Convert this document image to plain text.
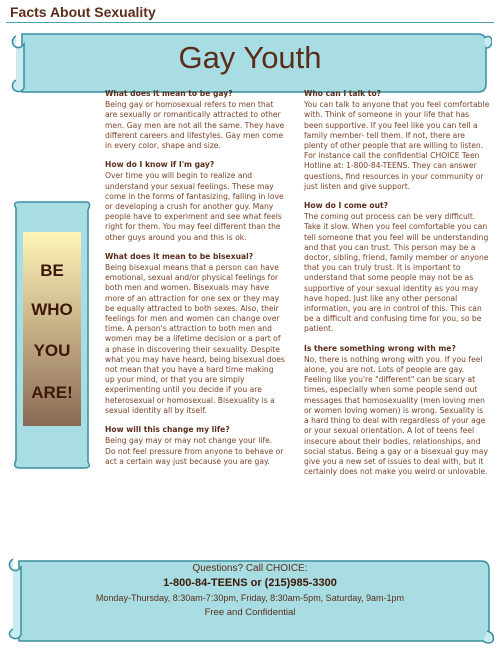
Facts About Sexuality
Gay Youth
BE
WHO
YOU
ARE!
What does it mean to be gay?
Being gay or homosexual refers to men that are sexually or romantically attracted to other men. Gay men are not all the same. They have different careers and lifestyles. Gay men come in every color, shape and size.
How do I know if I'm gay?
Over time you will begin to realize and understand your sexual feelings. These may come in the forms of fantasizing, falling in love or developing a crush for another guy. Many people have to experiment and see what feels right for them. You may feel different than the other guys around you and this is ok.
What does it mean to be bisexual?
Being bisexual means that a person can have emotional, sexual and/or physical feelings for both men and women. Bisexuals may have more of an attraction for one sex or they may be equally attracted to both sexes. Also, their feelings for men and women can change over time. A person's attraction to both men and women may be a lifetime decision or a part of a phase in discovering their sexuality. Despite what you may have heard, being bisexual does not mean that you have a hard time making up your mind, or that you are simply experimenting until you decide if you are heterosexual or homosexual. Bisexuality is a sexual identity all by itself.
How will this change my life?
Being gay may or may not change your life. Do not feel pressure from anyone to behave or act a certain way just because you are gay.
Who can I talk to?
You can talk to anyone that you feel comfortable with. Think of someone in your life that has been supportive. If you feel like you can tell a family member- tell them. If not, there are plenty of other people that are willing to listen. For instance call the confidential CHOICE Teen Hotline at: 1-800-84-TEENS. They can answer questions, find resources in your community or just listen and give support.
How do I come out?
The coming out process can be very difficult. Take it slow. When you feel comfortable you can tell someone that you feel will be understanding and that you can trust. This person may be a doctor, sibling, friend, family member or anyone that you can truly trust. It is important to understand that some people may not be as supportive of your sexual identity as you may have hoped. Just like any other personal information, you are in control of this. This can be a difficult and confusing time for you, so be patient.
Is there something wrong with me?
No, there is nothing wrong with you. If you feel alone, you are not. Lots of people are gay. Feeling like you're "different" can be scary at times, especially when some people send out messages that homosexuality (men loving men or women loving women) is wrong. Sexuality is a hard thing to deal with regardless of your age or your sexual orientation. A lot of teens feel insecure about their bodies, relationships, and social status. Being a gay or a bisexual guy may give you a new set of issues to deal with, but it certainly does not make you weird or unlovable.
Questions? Call CHOICE:
1-800-84-TEENS or (215)985-3300
Monday-Thursday, 8:30am-7:30pm, Friday, 8:30am-5pm, Saturday, 9am-1pm
Free and Confidential
